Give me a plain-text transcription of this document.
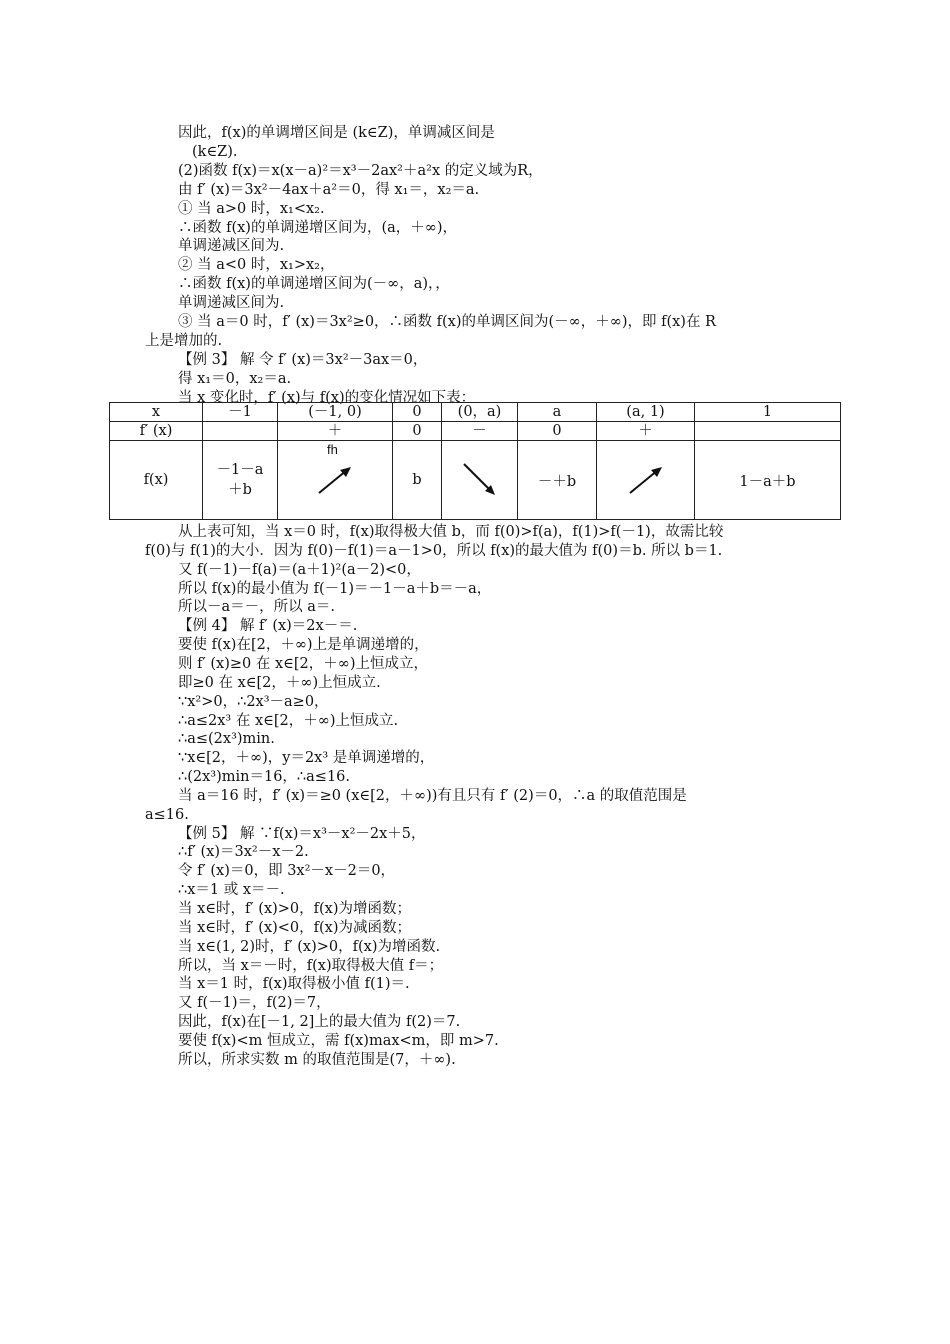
因此，f(x)的单调增区间是 (k∈Z)，单调减区间是
(k∈Z).
(2)函数 f(x)＝x(x－a)²＝x³－2ax²＋a²x 的定义域为R，
由 f′ (x)＝3x²－4ax＋a²＝0，得 x₁＝，x₂＝a.
① 当 a>0 时，x₁<x₂.
∴函数 f(x)的单调递增区间为，(a，＋∞)，
单调递减区间为.
② 当 a<0 时，x₁>x₂，
∴函数 f(x)的单调递增区间为(－∞，a)，，
单调递减区间为.
③ 当 a＝0 时，f′ (x)＝3x²≥0，∴函数 f(x)的单调区间为(－∞，＋∞)，即 f(x)在 R
上是增加的.
【例 3】 解 令 f′ (x)＝3x²－3ax＝0，
得 x₁＝0，x₂＝a.
当 x 变化时，f′ (x)与 f(x)的变化情况如下表：
x	－1	(－1, 0)	0	(0，a)	a	(a, 1)	1
f′ (x)		＋	0	－	0	＋	
f(x)	－1－a
＋b		b		－＋b		1－a＋b
fh
从上表可知，当 x＝0 时，f(x)取得极大值 b，而 f(0)>f(a)，f(1)>f(－1)，故需比较
f(0)与 f(1)的大小．因为 f(0)－f(1)＝a－1>0，所以 f(x)的最大值为 f(0)＝b. 所以 b＝1.
又 f(－1)－f(a)＝(a＋1)²(a－2)<0，
所以 f(x)的最小值为 f(－1)＝－1－a＋b＝－a，
所以－a＝－，所以 a＝.
【例 4】 解 f′ (x)＝2x－＝.
要使 f(x)在[2，＋∞)上是单调递增的，
则 f′ (x)≥0 在 x∈[2，＋∞)上恒成立，
即≥0 在 x∈[2，＋∞)上恒成立.
∵x²>0，∴2x³－a≥0，
∴a≤2x³ 在 x∈[2，＋∞)上恒成立.
∴a≤(2x³)min.
∵x∈[2，＋∞)，y＝2x³ 是单调递增的，
∴(2x³)min＝16，∴a≤16.
当 a＝16 时，f′ (x)＝≥0 (x∈[2，＋∞))有且只有 f′ (2)＝0，∴a 的取值范围是
a≤16.
【例 5】 解 ∵f(x)＝x³－x²－2x＋5，
∴f′ (x)＝3x²－x－2.
令 f′ (x)＝0，即 3x²－x－2＝0，
∴x＝1 或 x＝－.
当 x∈时，f′ (x)>0，f(x)为增函数；
当 x∈时，f′ (x)<0，f(x)为减函数；
当 x∈(1, 2)时，f′ (x)>0，f(x)为增函数.
所以，当 x＝－时，f(x)取得极大值 f＝；
当 x＝1 时，f(x)取得极小值 f(1)＝.
又 f(－1)＝，f(2)＝7，
因此，f(x)在[－1, 2]上的最大值为 f(2)＝7.
要使 f(x)<m 恒成立，需 f(x)max<m，即 m>7.
所以，所求实数 m 的取值范围是(7，＋∞).
